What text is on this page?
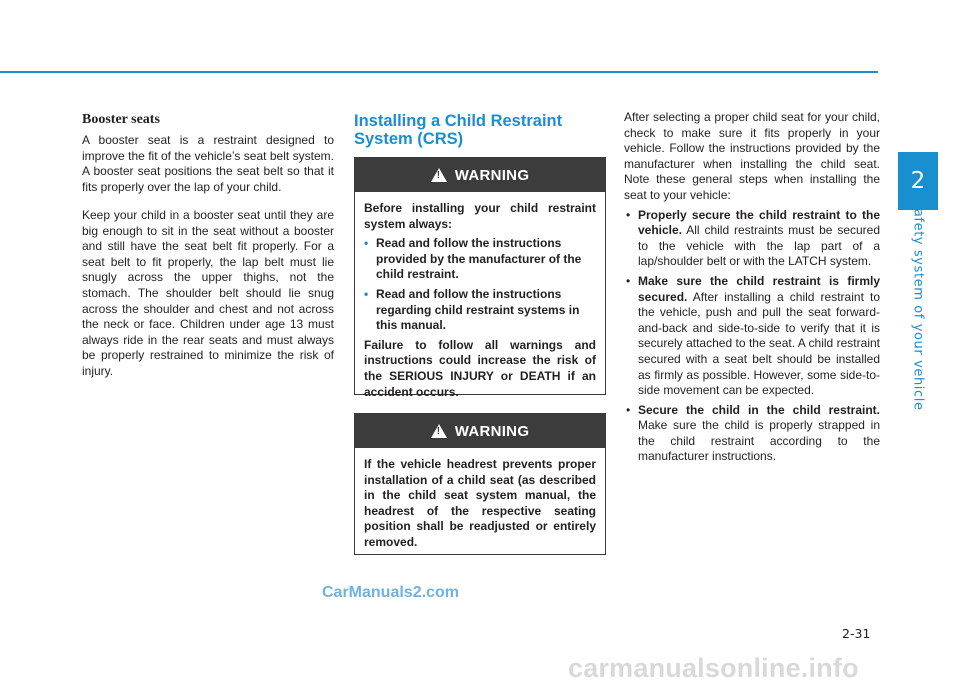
2
Safety system of your vehicle
Booster seats

A booster seat is a restraint designed to improve the fit of the vehicle’s seat belt system. A booster seat positions the seat belt so that it fits properly over the lap of your child.

Keep your child in a booster seat until they are big enough to sit in the seat without a booster and still have the seat belt fit properly. For a seat belt to fit properly, the lap belt must lie snugly across the upper thighs, not the stomach. The shoulder belt should lie snug across the shoulder and chest and not across the neck or face. Children under age 13 must always ride in the rear seats and must always be properly restrained to minimize the risk of injury.

Installing a Child Restraint System (CRS)
!
WARNING

Before installing your child restraint system always:

• Read and follow the instructions provided by the manufacturer of the child restraint.
• Read and follow the instructions regarding child restraint systems in this manual.

Failure to follow all warnings and instructions could increase the risk of the SERIOUS INJURY or DEATH if an accident occurs.

!
WARNING

If the vehicle headrest prevents proper installation of a child seat (as described in the child seat system manual, the headrest of the respective seating position shall be readjusted or entirely removed.

After selecting a proper child seat for your child, check to make sure it fits properly in your vehicle. Follow the instructions provided by the manufacturer when installing the child seat. Note these general steps when installing the seat to your vehicle:

• Properly secure the child restraint to the vehicle. All child restraints must be secured to the vehicle with the lap part of a lap/shoulder belt or with the LATCH system.
• Make sure the child restraint is firmly secured. After installing a child restraint to the vehicle, push and pull the seat forward-and-back and side-to-side to verify that it is securely attached to the seat. A child restraint secured with a seat belt should be installed as firmly as possible. However, some side-to- side movement can be expected.
• Secure the child in the child restraint. Make sure the child is properly strapped in the child restraint according to the manufacturer instructions.
2-31
CarManuals2.com
carmanualsonline.info
